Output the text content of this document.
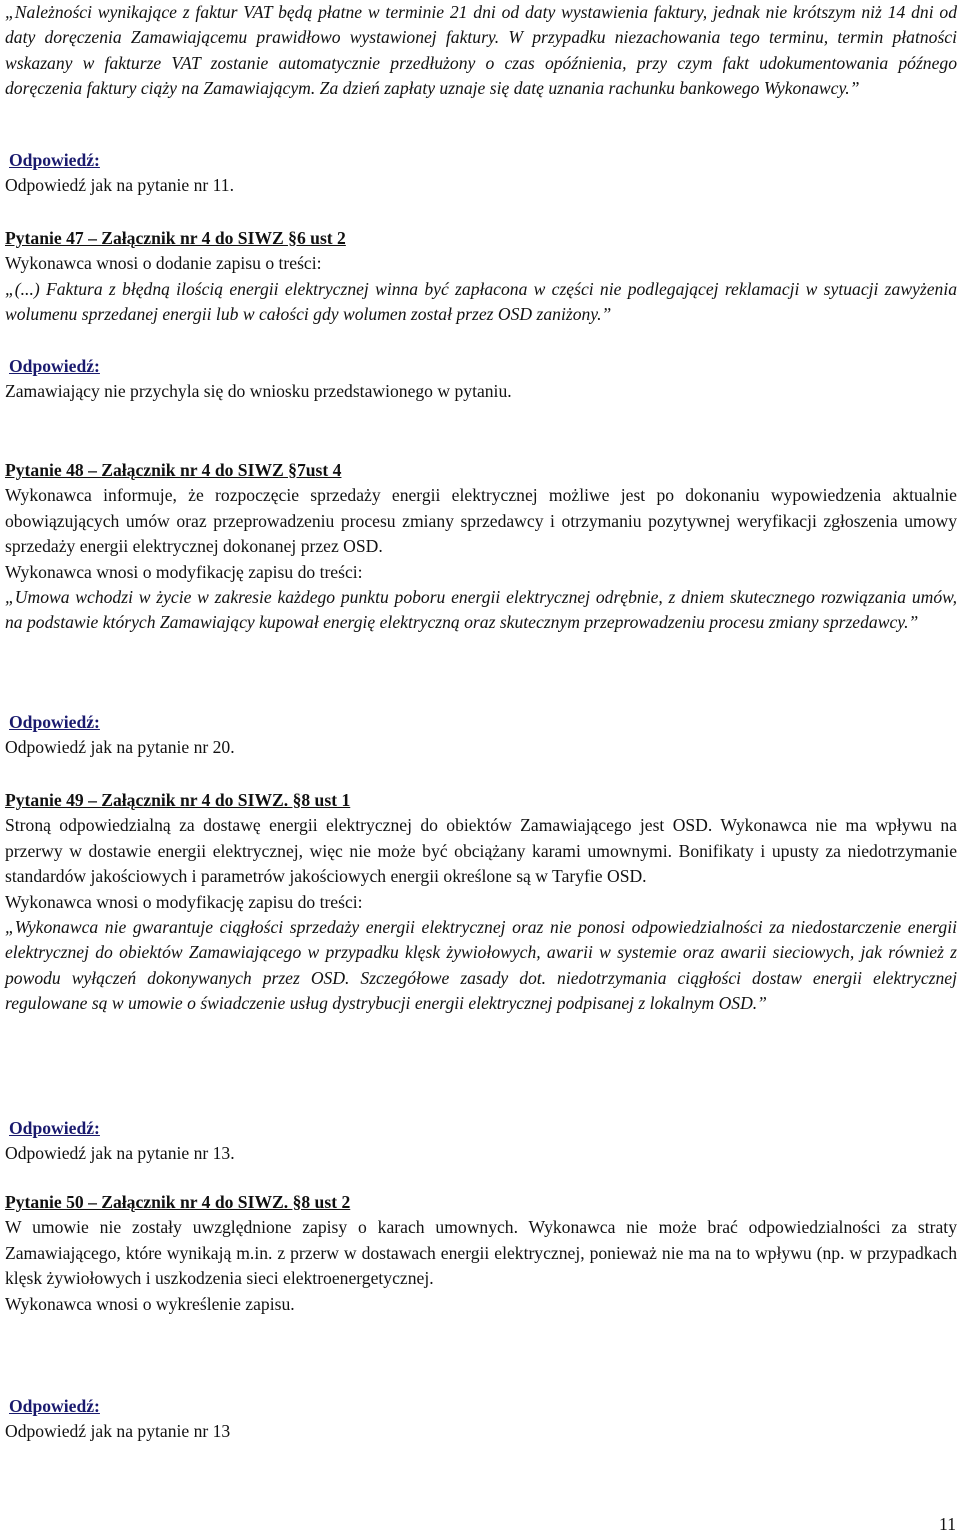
„Należności wynikające z faktur VAT będą płatne w terminie 21 dni od daty wystawienia faktury, jednak nie krótszym niż 14 dni od daty doręczenia Zamawiającemu prawidłowo wystawionej faktury. W przypadku niezachowania tego terminu, termin płatności wskazany w fakturze VAT zostanie automatycznie przedłużony o czas opóźnienia, przy czym fakt udokumentowania późnego doręczenia faktury ciąży na Zamawiającym. Za dzień zapłaty uznaje się datę uznania rachunku bankowego Wykonawcy.”

Odpowiedź:

Odpowiedź jak na pytanie nr 11.

Pytanie 47 – Załącznik nr 4 do SIWZ §6 ust 2

Wykonawca wnosi o dodanie zapisu o treści:

„(...) Faktura z błędną ilością energii elektrycznej winna być zapłacona w części nie podlegającej reklamacji w sytuacji zawyżenia wolumenu sprzedanej energii lub w całości gdy wolumen został przez OSD zaniżony.”

Odpowiedź:

Zamawiający nie przychyla się do wniosku przedstawionego w pytaniu.

Pytanie 48 – Załącznik nr 4 do SIWZ §7ust 4

Wykonawca informuje, że rozpoczęcie sprzedaży energii elektrycznej możliwe jest po dokonaniu wypowiedzenia aktualnie obowiązujących umów oraz przeprowadzeniu procesu zmiany sprzedawcy i otrzymaniu pozytywnej weryfikacji zgłoszenia umowy sprzedaży energii elektrycznej dokonanej przez OSD.

Wykonawca wnosi o modyfikację zapisu do treści:

„Umowa wchodzi w życie w zakresie każdego punktu poboru energii elektrycznej odrębnie, z dniem skutecznego rozwiązania umów, na podstawie których Zamawiający kupował energię elektryczną oraz skutecznym przeprowadzeniu procesu zmiany sprzedawcy.”

Odpowiedź:

Odpowiedź jak na pytanie nr 20.

Pytanie 49 – Załącznik nr 4 do SIWZ. §8 ust 1

Stroną odpowiedzialną za dostawę energii elektrycznej do obiektów Zamawiającego jest OSD. Wykonawca nie ma wpływu na przerwy w dostawie energii elektrycznej, więc nie może być obciążany karami umownymi. Bonifikaty i upusty za niedotrzymanie standardów jakościowych i parametrów jakościowych energii określone są w Taryfie OSD.

Wykonawca wnosi o modyfikację zapisu do treści:

„Wykonawca nie gwarantuje ciągłości sprzedaży energii elektrycznej oraz nie ponosi odpowiedzialności za niedostarczenie energii elektrycznej do obiektów Zamawiającego w przypadku klęsk żywiołowych, awarii w systemie oraz awarii sieciowych, jak również z powodu wyłączeń dokonywanych przez OSD. Szczegółowe zasady dot. niedotrzymania ciągłości dostaw energii elektrycznej regulowane są w umowie o świadczenie usług dystrybucji energii elektrycznej podpisanej z lokalnym OSD.”

Odpowiedź:

Odpowiedź jak na pytanie nr 13.

Pytanie 50 – Załącznik nr 4 do SIWZ. §8 ust 2

W umowie nie zostały uwzględnione zapisy o karach umownych. Wykonawca nie może brać odpowiedzialności za straty Zamawiającego, które wynikają m.in. z przerw w dostawach energii elektrycznej, ponieważ nie ma na to wpływu (np. w przypadkach klęsk żywiołowych i uszkodzenia sieci elektroenergetycznej.

Wykonawca wnosi o wykreślenie zapisu.

Odpowiedź:

Odpowiedź jak na pytanie nr 13

11
